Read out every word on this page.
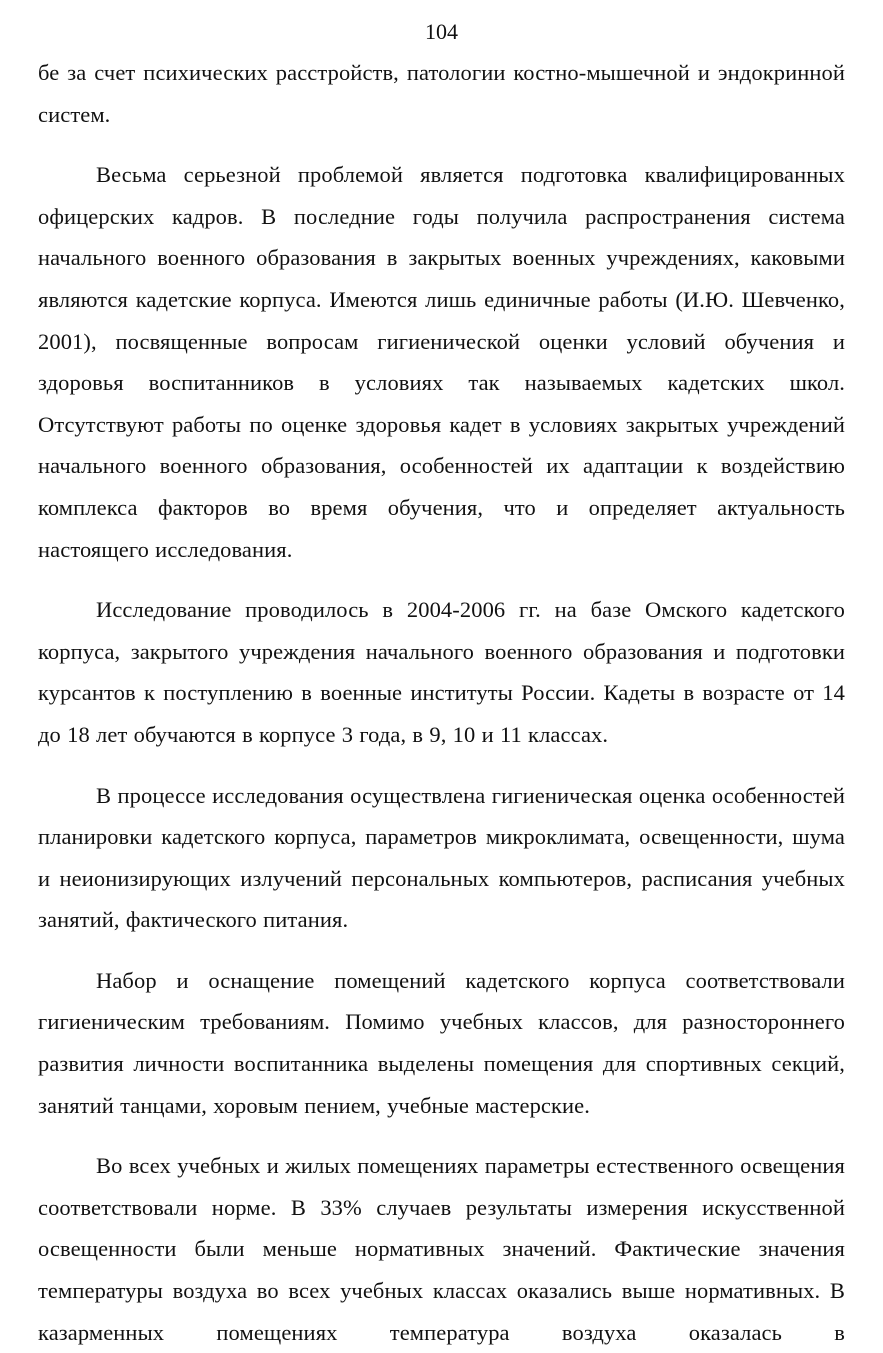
104

бе за счет психических расстройств, патологии костно-мышечной и эндокринной систем.

Весьма серьезной проблемой является подготовка квалифицированных офицерских кадров. В последние годы получила распространения система начального военного образования в закрытых военных учреждениях, каковыми являются кадетские корпуса. Имеются лишь единичные работы (И.Ю. Шевченко, 2001), посвященные вопросам гигиенической оценки условий обучения и здоровья воспитанников в условиях так называемых кадетских школ. Отсутствуют работы по оценке здоровья кадет в условиях закрытых учреждений начального военного образования, особенностей их адаптации к воздействию комплекса факторов во время обучения, что и определяет актуальность настоящего исследования.

Исследование проводилось в 2004-2006 гг. на базе Омского кадетского корпуса, закрытого учреждения начального военного образования и подготовки курсантов к поступлению в военные институты России. Кадеты в возрасте от 14 до 18 лет обучаются в корпусе 3 года, в 9, 10 и 11 классах.

В процессе исследования осуществлена гигиеническая оценка особенностей планировки кадетского корпуса, параметров микроклимата, освещенности, шума и неионизирующих излучений персональных компьютеров, расписания учебных занятий, фактического питания.

Набор и оснащение помещений кадетского корпуса соответствовали гигиеническим требованиям. Помимо учебных классов, для разностороннего развития личности воспитанника выделены помещения для спортивных секций, занятий танцами, хоровым пением, учебные мастерские.

Во всех учебных и жилых помещениях параметры естественного освещения соответствовали норме. В 33% случаев результаты измерения искусственной освещенности были меньше нормативных значений. Фактические значения температуры воздуха во всех учебных классах оказались выше нормативных. В казарменных помещениях температура воздуха оказалась в
